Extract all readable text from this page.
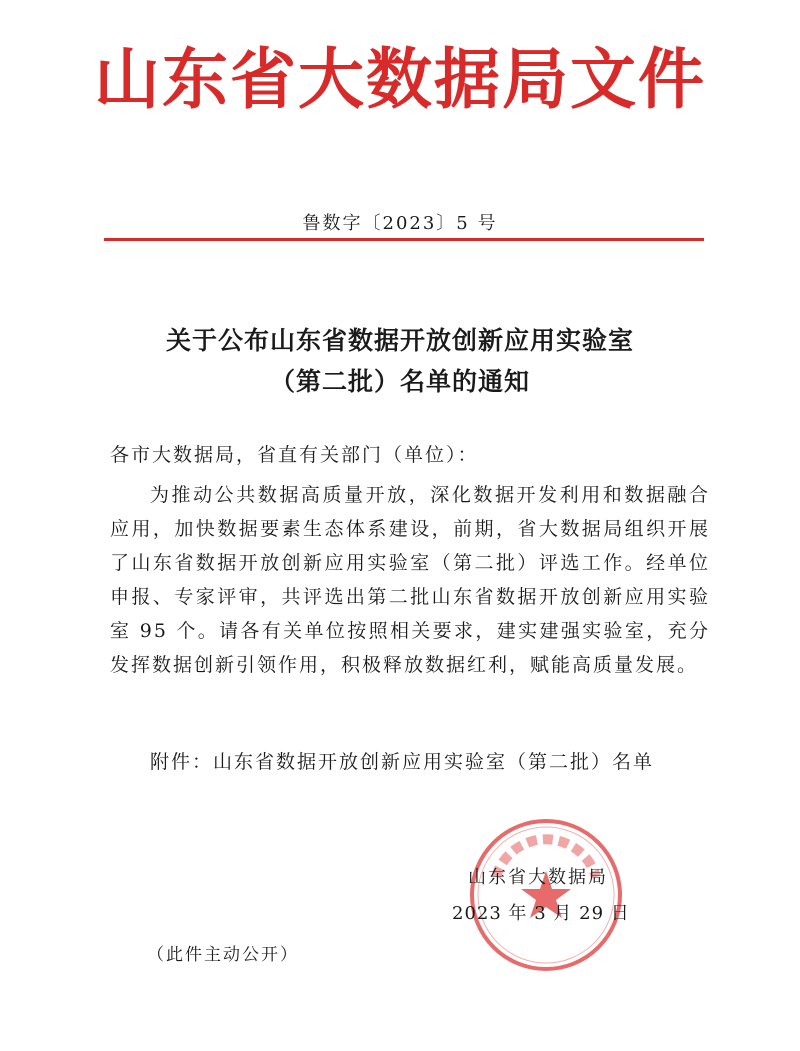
山东省大数据局文件
鲁数字〔2023〕5 号
关于公布山东省数据开放创新应用实验室
（第二批）名单的通知
各市大数据局，省直有关部门（单位）：
为推动公共数据高质量开放，深化数据开发利用和数据融合应用，加快数据要素生态体系建设，前期，省大数据局组织开展了山东省数据开放创新应用实验室（第二批）评选工作。经单位申报、专家评审，共评选出第二批山东省数据开放创新应用实验室 95 个。请各有关单位按照相关要求，建实建强实验室，充分发挥数据创新引领作用，积极释放数据红利，赋能高质量发展。
附件：山东省数据开放创新应用实验室（第二批）名单
山东省大数据局
2023 年 3 月 29 日
（此件主动公开）
